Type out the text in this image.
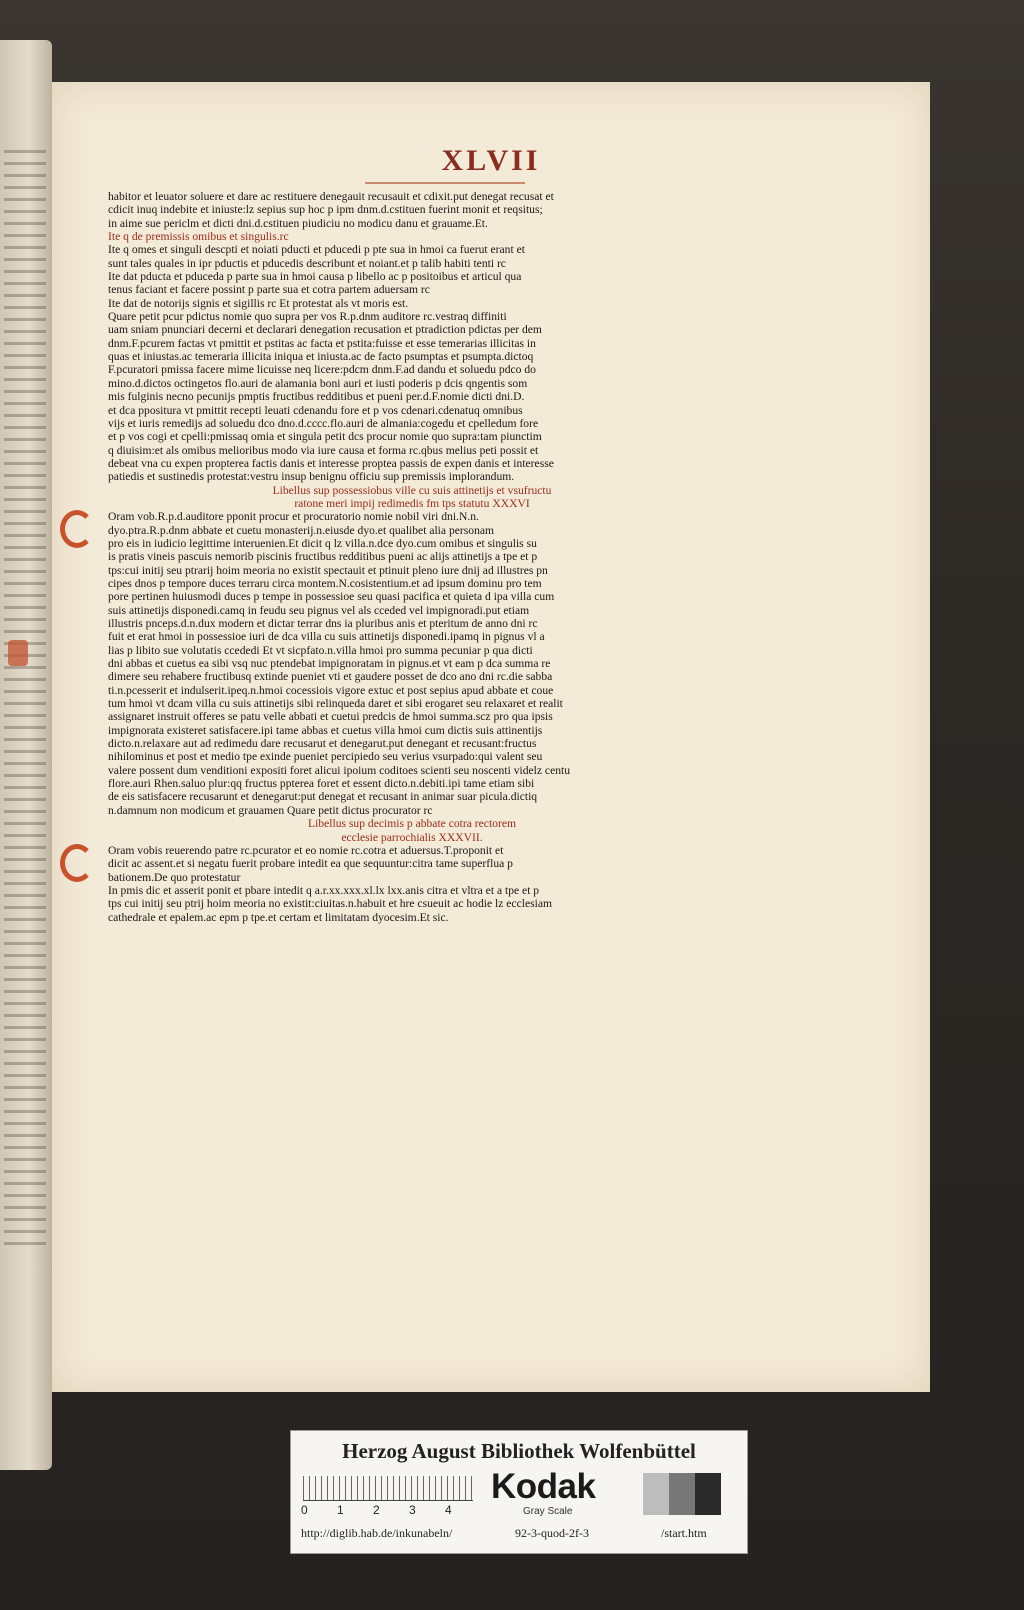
XLVII
habitor et leuator soluere et dare ac restituere denegauit recusauit et cdixit.put denegat recusat et
cdicit inuq indebite et iniuste:lz sepius sup hoc p ipm dnm.d.cstituen fuerint monit et reqsitus;
in aime sue periclm et dicti dni.d.cstituen piudiciu no modicu danu et grauame.Et.
Ite q de premissis omibus et singulis.rc
Ite q omes et singuli descpti et noiati pducti et pducedi p pte sua in hmoi ca fuerut erant et
sunt tales quales in ipr pductis et pducedis describunt et noiant.et p talib habiti tenti rc
Ite dat pducta et pduceda p parte sua in hmoi causa p libello ac p positoibus et articul qua
tenus faciant et facere possint p parte sua et cotra partem aduersam rc
Ite dat de notorijs signis et sigillis rc Et protestat als vt moris est.
Quare petit pcur pdictus nomie quo supra per vos R.p.dnm auditore rc.vestraq diffiniti
uam sniam pnunciari decerni et declarari denegation recusation et ptradiction pdictas per dem
dnm.F.pcurem factas vt pmittit et pstitas ac facta et pstita:fuisse et esse temerarias illicitas in
quas et iniustas.ac temeraria illicita iniqua et iniusta.ac de facto psumptas et psumpta.dictoq
F.pcuratori pmissa facere mime licuisse neq licere:pdcm dnm.F.ad dandu et soluedu pdco do
mino.d.dictos octingetos flo.auri de alamania boni auri et iusti poderis p dcis qngentis som
mis fulginis necno pecunijs pmptis fructibus redditibus et pueni per.d.F.nomie dicti dni.D.
et dca ppositura vt pmittit recepti leuati cdenandu fore et p vos cdenari.cdenatuq omnibus
vijs et iuris remedijs ad soluedu dco dno.d.cccc.flo.auri de almania:cogedu et cpelledum fore
et p vos cogi et cpelli:pmissaq omia et singula petit dcs procur nomie quo supra:tam piunctim
q diuisim:et als omibus melioribus modo via iure causa et forma rc.qbus melius peti possit et
debeat vna cu expen propterea factis danis et interesse proptea passis de expen danis et interesse
patiedis et sustinedis protestat:vestru insup benignu officiu sup premissis implorandum.
Libellus sup possessiobus ville cu suis attinetijs et vsufructu
ratone meri impij redimedis fm tps statutu XXXVI
Oram vob.R.p.d.auditore pponit procur et procuratorio nomie nobil viri dni.N.n.
dyo.ptra.R.p.dnm abbate et cuetu monasterij.n.eiusde dyo.et qualibet alia personam
pro eis in iudicio legittime interuenien.Et dicit q lz villa.n.dce dyo.cum omibus et singulis su
is pratis vineis pascuis nemorib piscinis fructibus redditibus pueni ac alijs attinetijs a tpe et p
tps:cui initij seu ptrarij hoim meoria no existit spectauit et ptinuit pleno iure dnij ad illustres pn
cipes dnos p tempore duces terraru circa montem.N.cosistentium.et ad ipsum dominu pro tem
pore pertinen huiusmodi duces p tempe in possessioe seu quasi pacifica et quieta d ipa villa cum
suis attinetijs disponedi.camq in feudu seu pignus vel als cceded vel impignoradi.put etiam
illustris pnceps.d.n.dux modern et dictar terrar dns ia pluribus anis et pteritum de anno dni rc
fuit et erat hmoi in possessioe iuri de dca villa cu suis attinetijs disponedi.ipamq in pignus vl a
lias p libito sue volutatis ccededi Et vt sicpfato.n.villa hmoi pro summa pecuniar p qua dicti
dni abbas et cuetus ea sibi vsq nuc ptendebat impignoratam in pignus.et vt eam p dca summa re
dimere seu rehabere fructibusq extinde pueniet vti et gaudere posset de dco ano dni rc.die sabba
ti.n.pcesserit et indulserit.ipeq.n.hmoi cocessiois vigore extuc et post sepius apud abbate et coue
tum hmoi vt dcam villa cu suis attinetijs sibi relinqueda daret et sibi erogaret seu relaxaret et realit
assignaret instruit offeres se patu velle abbati et cuetui predcis de hmoi summa.scz pro qua ipsis
impignorata existeret satisfacere.ipi tame abbas et cuetus villa hmoi cum dictis suis attinentijs
dicto.n.relaxare aut ad redimedu dare recusarut et denegarut.put denegant et recusant:fructus
nihilominus et post et medio tpe exinde pueniet percipiedo seu verius vsurpado:qui valent seu
valere possent dum venditioni expositi foret alicui ipoium coditoes scienti seu noscenti videlz centu
flore.auri Rhen.saluo plur:qq fructus ppterea foret et essent dicto.n.debiti.ipi tame etiam sibi
de eis satisfacere recusarunt et denegarut:put denegat et recusant in animar suar picula.dictiq
n.damnum non modicum et grauamen Quare petit dictus procurator rc
Libellus sup decimis p abbate cotra rectorem
ecclesie parrochialis XXXVII.
Oram vobis reuerendo patre rc.pcurator et eo nomie rc.cotra et aduersus.T.proponit et
dicit ac assent.et si negatu fuerit probare intedit ea que sequuntur:citra tame superflua p
bationem.De quo protestatur
In pmis dic et asserit ponit et pbare intedit q a.r.xx.xxx.xl.lx lxx.anis citra et vltra et a tpe et p
tps cui initij seu ptrij hoim meoria no existit:ciuitas.n.habuit et hre csueuit ac hodie lz ecclesiam
cathedrale et epalem.ac epm p tpe.et certam et limitatam dyocesim.Et sic.
Herzog August Bibliothek Wolfenbüttel
0 1 2 3 4
Kodak
Gray Scale
http://diglib.hab.de/inkunabeln/	92-3-quod-2f-3	/start.htm
